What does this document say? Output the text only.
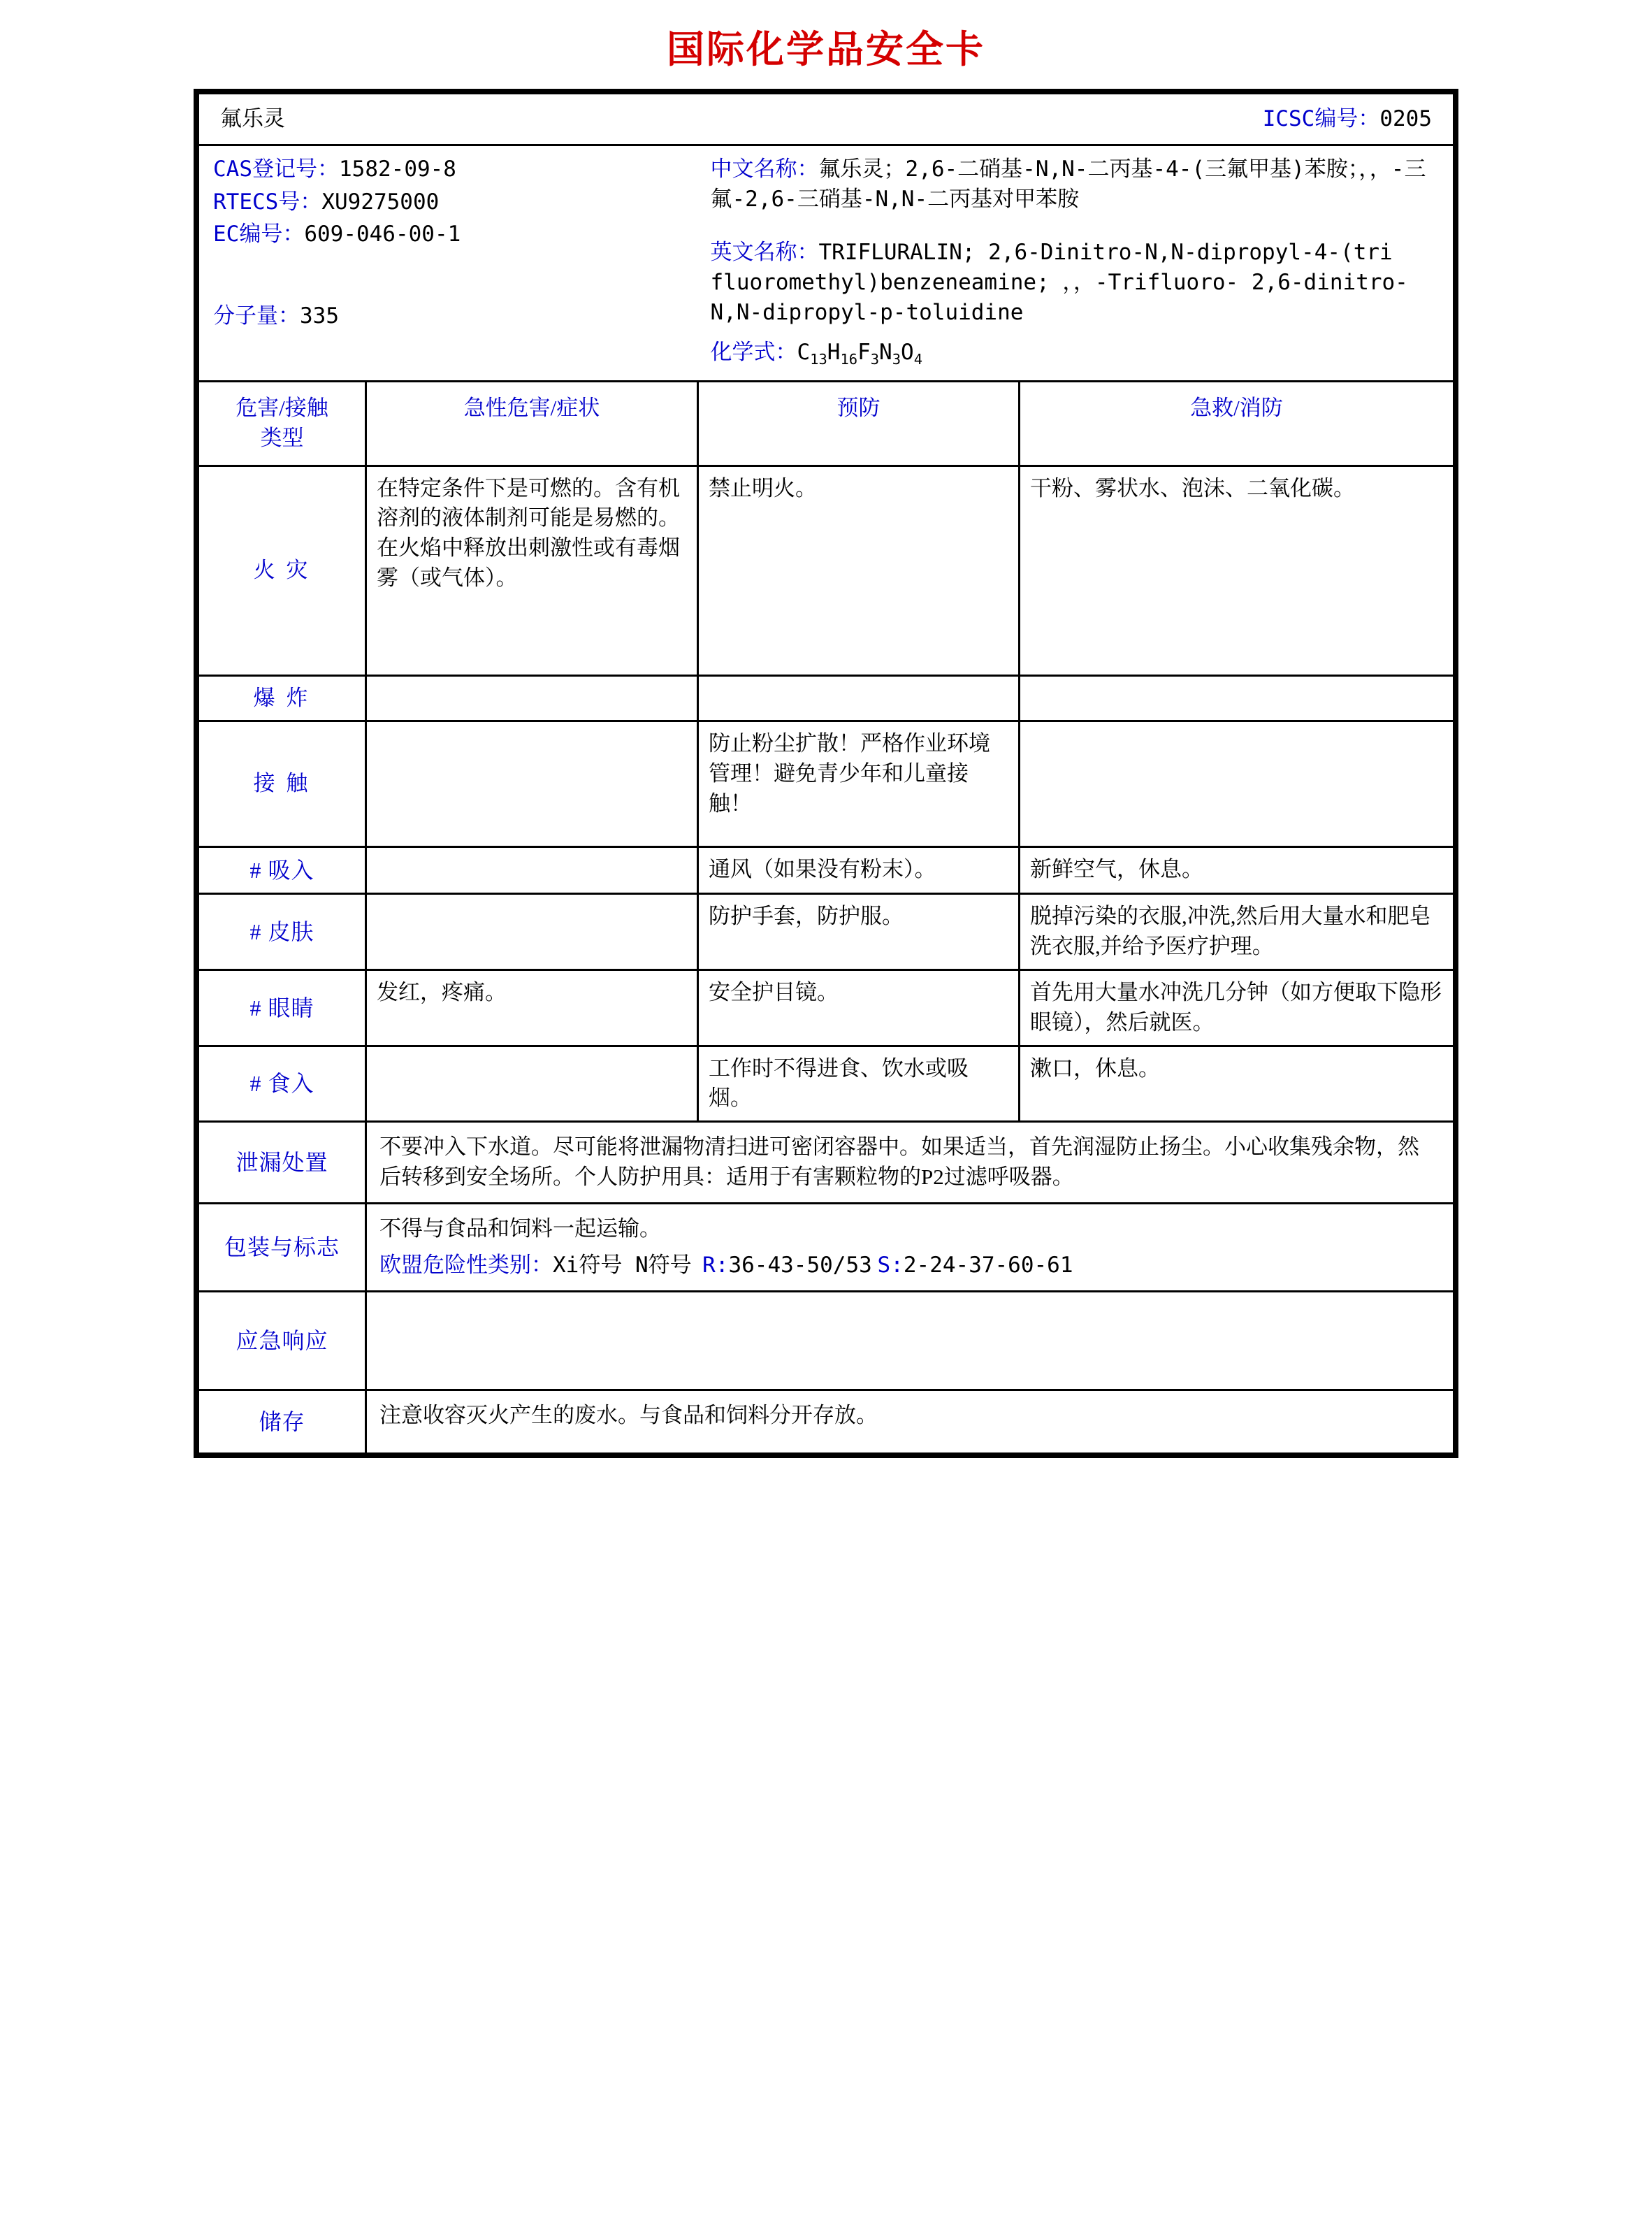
国际化学品安全卡
氟乐灵		ICSC编号：0205	

CAS登记号：1582-09-8
RTECS号：XU9275000
EC编号：609-046-00-1
分子量：335

中文名称：氟乐灵；2,6-二硝基-N,N-二丙基-4-(三氟甲基)苯胺；，，-三氟-2,6-三硝基-N,N-二丙基对甲苯胺
英文名称：TRIFLURALIN; 2,6-Dinitro-N,N-dipropyl-4-(tri fluoromethyl)benzeneamine; ，，-Trifluoro- 2,6-dinitro-N,N-dipropyl-p-toluidine
化学式：$C_{13}H_{16}F_3N_3O_4$

危害/接触
类型	急性危害/症状	预防	急救/消防
火 灾	在特定条件下是可燃的。含有机溶剂的液体制剂可能是易燃的。在火焰中释放出刺激性或有毒烟雾（或气体）。	禁止明火。	干粉、雾状水、泡沫、二氧化碳。
爆 炸			
接 触		防止粉尘扩散！严格作业环境管理！避免青少年和儿童接触！	
# 吸入		通风（如果没有粉末）。	新鲜空气，休息。
# 皮肤		防护手套，防护服。	脱掉污染的衣服,冲洗,然后用大量水和肥皂洗衣服,并给予医疗护理。
# 眼睛	发红，疼痛。	安全护目镜。	首先用大量水冲洗几分钟（如方便取下隐形眼镜），然后就医。
# 食入		工作时不得进食、饮水或吸烟。	漱口，休息。
泄漏处置	不要冲入下水道。尽可能将泄漏物清扫进可密闭容器中。如果适当，首先润湿防止扬尘。小心收集残余物，然后转移到安全场所。个人防护用具：适用于有害颗粒物的P2过滤呼吸器。		
包装与标志	不得与食品和饲料一起运输。
欧盟危险性类别：Xi符号 N符号 R:36-43-50/53 S:2-24-37-60-61		

应急响应			
储存	注意收容灭火产生的废水。与食品和饲料分开存放。		
